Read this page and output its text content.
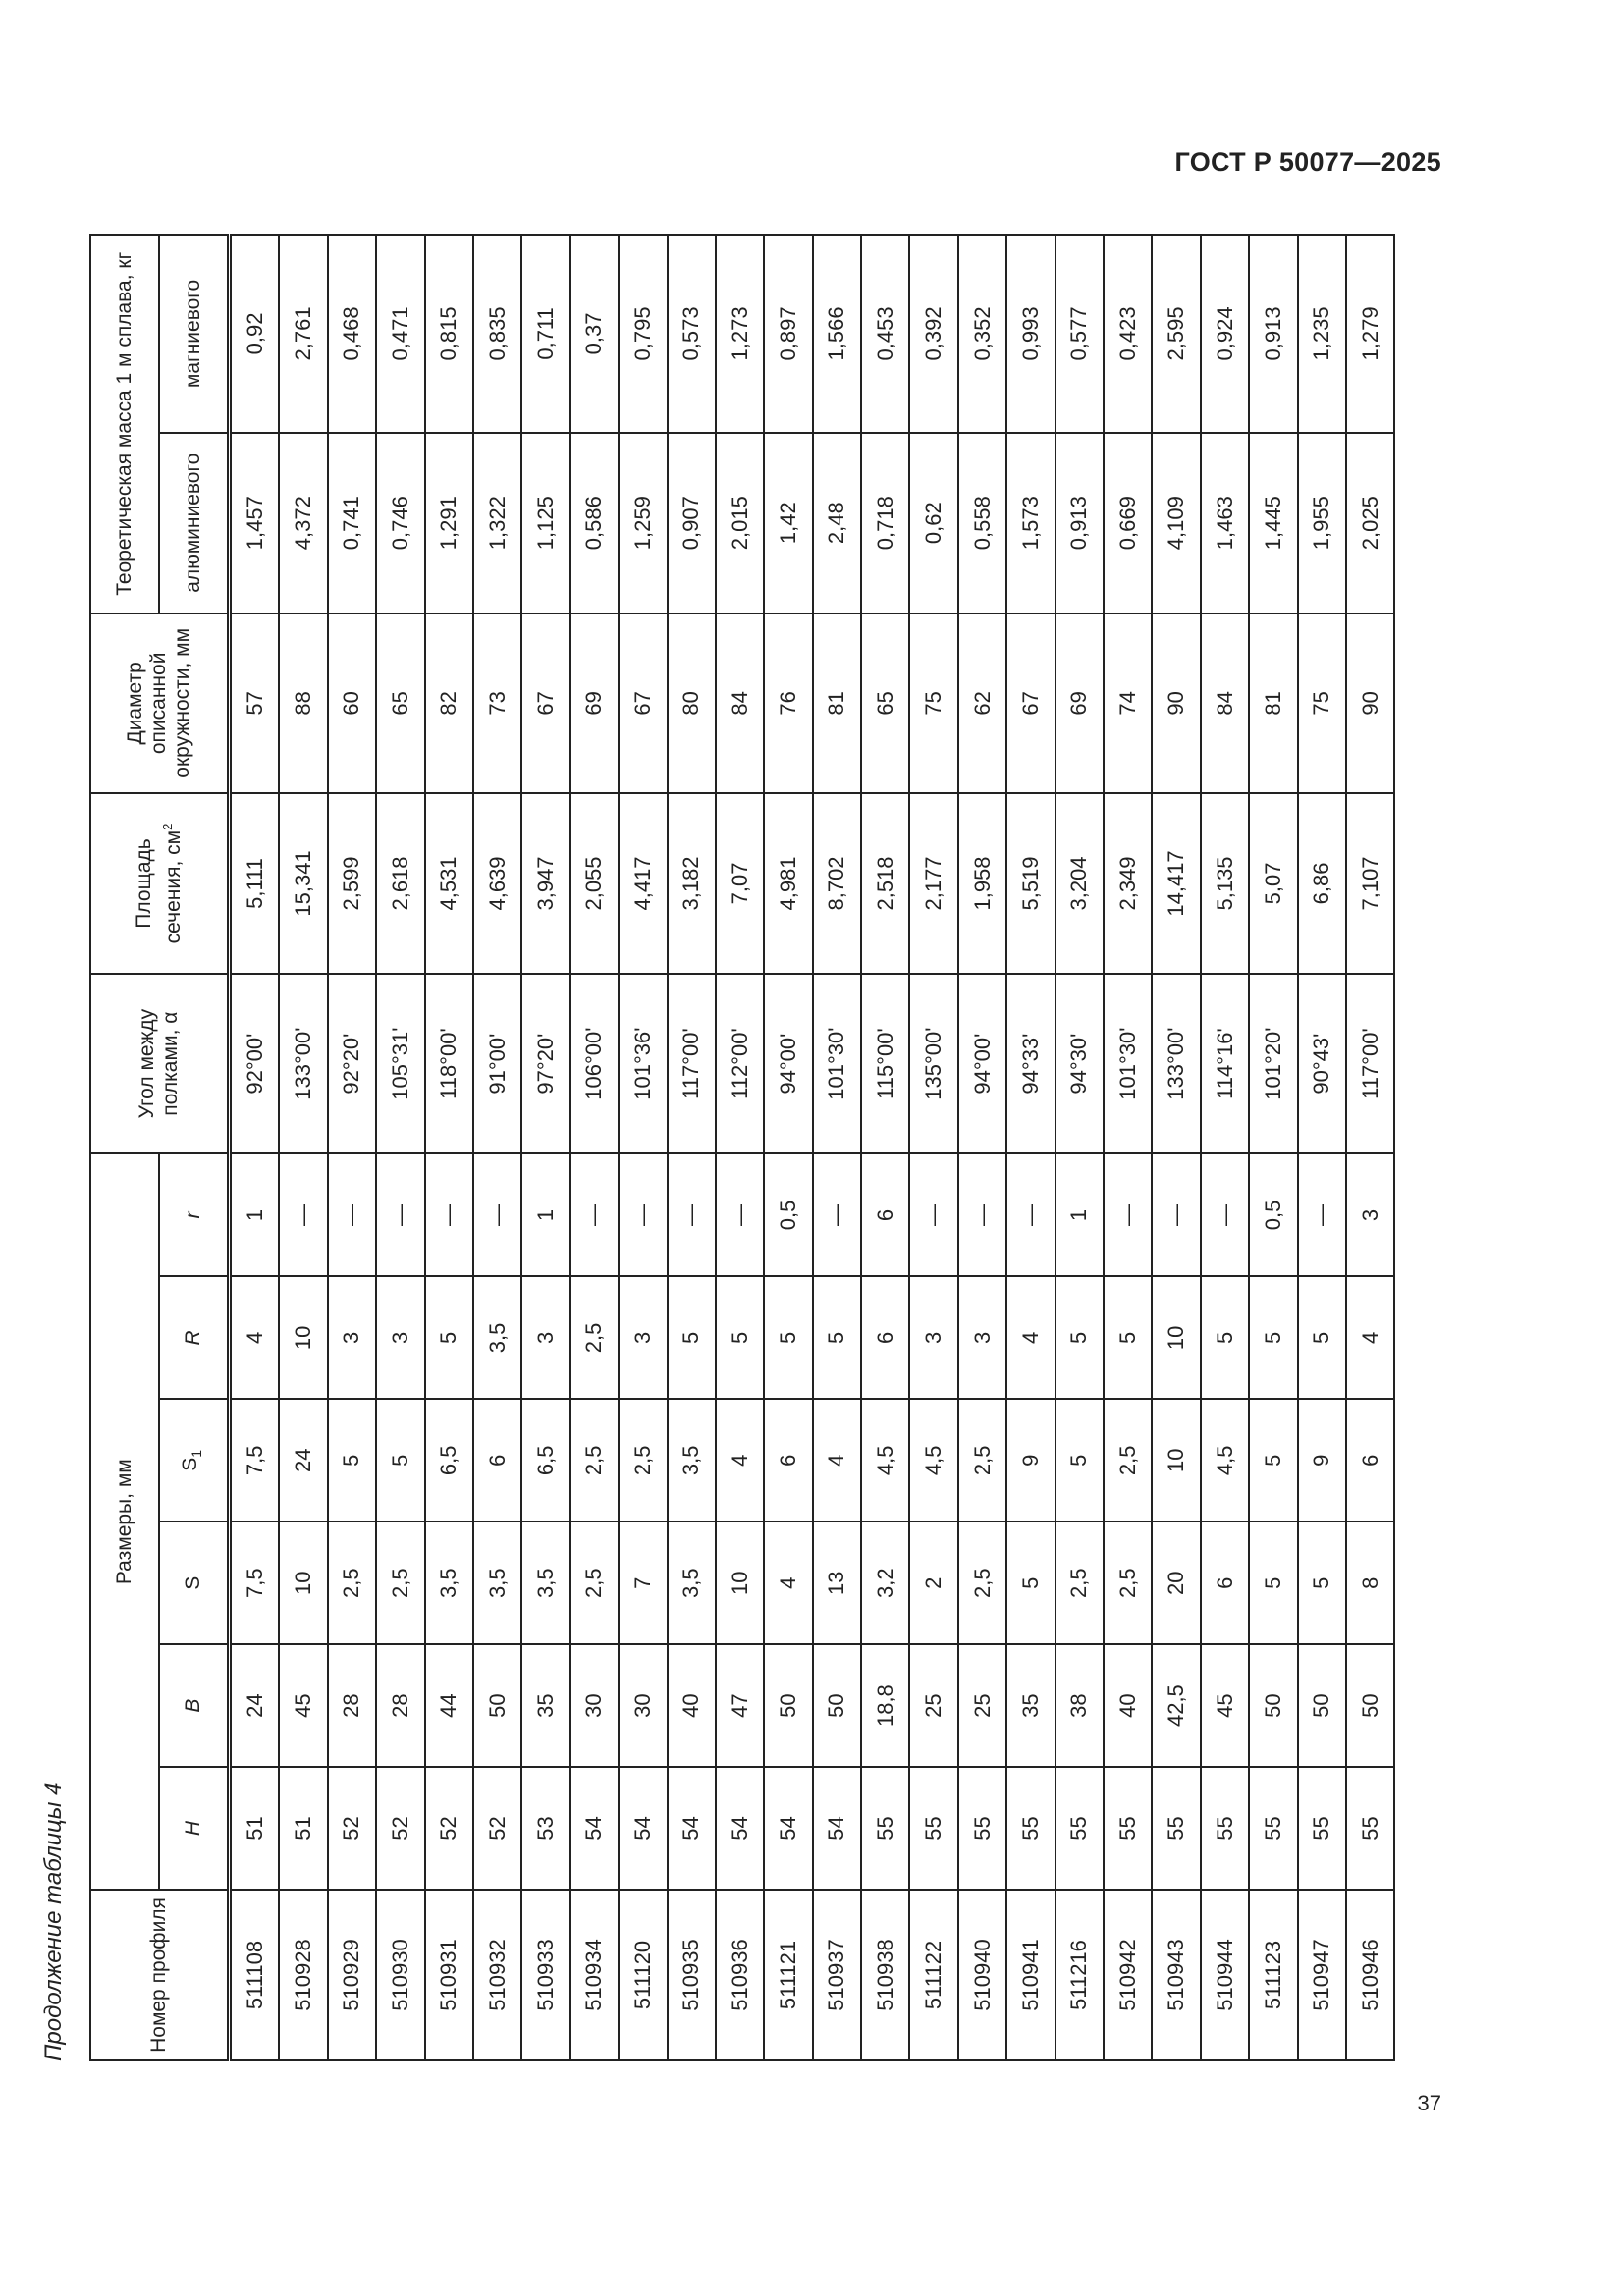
ГОСТ Р 50077—2025
Продолжение таблицы 4	Номер профиля	Размеры, мм						Угол между полками, α	Площадь сечения, $см^2$	Диаметр описанной окружности, мм	Теоретическая масса 1 м сплава, кг	
	H	B	S	$S_1$	R	r				алюминиевого	магниевого
511108	51	24	7,5	7,5	4	1	92°00'	5,111	57	1,457	0,92
510928	51	45	10	24	10	—	133°00'	15,341	88	4,372	2,761
510929	52	28	2,5	5	3	—	92°20'	2,599	60	0,741	0,468
510930	52	28	2,5	5	3	—	105°31'	2,618	65	0,746	0,471
510931	52	44	3,5	6,5	5	—	118°00'	4,531	82	1,291	0,815
510932	52	50	3,5	6	3,5	—	91°00'	4,639	73	1,322	0,835
510933	53	35	3,5	6,5	3	1	97°20'	3,947	67	1,125	0,711
510934	54	30	2,5	2,5	2,5	—	106°00'	2,055	69	0,586	0,37
511120	54	30	7	2,5	3	—	101°36'	4,417	67	1,259	0,795
510935	54	40	3,5	3,5	5	—	117°00'	3,182	80	0,907	0,573
510936	54	47	10	4	5	—	112°00'	7,07	84	2,015	1,273
511121	54	50	4	6	5	0,5	94°00'	4,981	76	1,42	0,897
510937	54	50	13	4	5	—	101°30'	8,702	81	2,48	1,566
510938	55	18,8	3,2	4,5	6	6	115°00'	2,518	65	0,718	0,453
511122	55	25	2	4,5	3	—	135°00'	2,177	75	0,62	0,392
510940	55	25	2,5	2,5	3	—	94°00'	1,958	62	0,558	0,352
510941	55	35	5	9	4	—	94°33'	5,519	67	1,573	0,993
511216	55	38	2,5	5	5	1	94°30'	3,204	69	0,913	0,577
510942	55	40	2,5	2,5	5	—	101°30'	2,349	74	0,669	0,423
510943	55	42,5	20	10	10	—	133°00'	14,417	90	4,109	2,595
510944	55	45	6	4,5	5	—	114°16'	5,135	84	1,463	0,924
511123	55	50	5	5	5	0,5	101°20'	5,07	81	1,445	0,913
510947	55	50	5	9	5	—	90°43'	6,86	75	1,955	1,235
510946	55	50	8	6	4	3	117°00'	7,107	90	2,025	1,279
37
